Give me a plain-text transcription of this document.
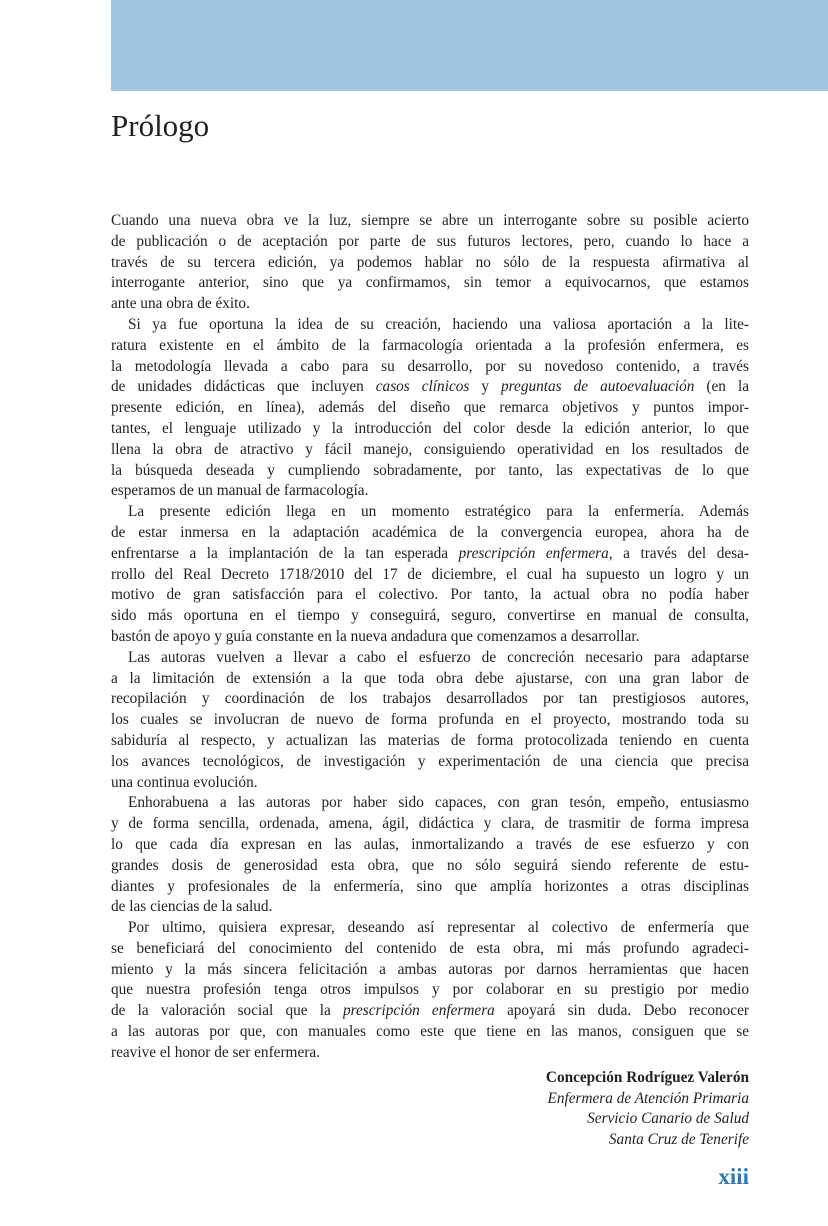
Prólogo
Cuando una nueva obra ve la luz, siempre se abre un interrogante sobre su posible acierto
de publicación o de aceptación por parte de sus futuros lectores, pero, cuando lo hace a
través de su tercera edición, ya podemos hablar no sólo de la respuesta afirmativa al
interrogante anterior, sino que ya confirmamos, sin temor a equivocarnos, que estamos
ante una obra de éxito.
Si ya fue oportuna la idea de su creación, haciendo una valiosa aportación a la lite-
ratura existente en el ámbito de la farmacología orientada a la profesión enfermera, es
la metodología llevada a cabo para su desarrollo, por su novedoso contenido, a través
de unidades didácticas que incluyen casos clínicos y preguntas de autoevaluación (en la
presente edición, en línea), además del diseño que remarca objetivos y puntos impor-
tantes, el lenguaje utilizado y la introducción del color desde la edición anterior, lo que
llena la obra de atractivo y fácil manejo, consiguiendo operatividad en los resultados de
la búsqueda deseada y cumpliendo sobradamente, por tanto, las expectativas de lo que
esperamos de un manual de farmacología.
La presente edición llega en un momento estratégico para la enfermería. Además
de estar inmersa en la adaptación académica de la convergencia europea, ahora ha de
enfrentarse a la implantación de la tan esperada prescripción enfermera, a través del desa-
rrollo del Real Decreto 1718/2010 del 17 de diciembre, el cual ha supuesto un logro y un
motivo de gran satisfacción para el colectivo. Por tanto, la actual obra no podía haber
sido más oportuna en el tiempo y conseguirá, seguro, convertirse en manual de consulta,
bastón de apoyo y guía constante en la nueva andadura que comenzamos a desarrollar.
Las autoras vuelven a llevar a cabo el esfuerzo de concreción necesario para adaptarse
a la limitación de extensión a la que toda obra debe ajustarse, con una gran labor de
recopilación y coordinación de los trabajos desarrollados por tan prestigiosos autores,
los cuales se involucran de nuevo de forma profunda en el proyecto, mostrando toda su
sabiduría al respecto, y actualizan las materias de forma protocolizada teniendo en cuenta
los avances tecnológicos, de investigación y experimentación de una ciencia que precisa
una continua evolución.
Enhorabuena a las autoras por haber sido capaces, con gran tesón, empeño, entusiasmo
y de forma sencilla, ordenada, amena, ágil, didáctica y clara, de trasmitir de forma impresa
lo que cada día expresan en las aulas, inmortalizando a través de ese esfuerzo y con
grandes dosis de generosidad esta obra, que no sólo seguirá siendo referente de estu-
diantes y profesionales de la enfermería, sino que amplía horizontes a otras disciplinas
de las ciencias de la salud.
Por ultimo, quisiera expresar, deseando así representar al colectivo de enfermería que
se beneficiará del conocimiento del contenido de esta obra, mi más profundo agradeci-
miento y la más sincera felicitación a ambas autoras por darnos herramientas que hacen
que nuestra profesión tenga otros impulsos y por colaborar en su prestigio por medio
de la valoración social que la prescripción enfermera apoyará sin duda. Debo reconocer
a las autoras por que, con manuales como este que tiene en las manos, consiguen que se
reavive el honor de ser enfermera.
Concepción Rodríguez Valerón
Enfermera de Atención Primaria
Servicio Canario de Salud
Santa Cruz de Tenerife
xiii
